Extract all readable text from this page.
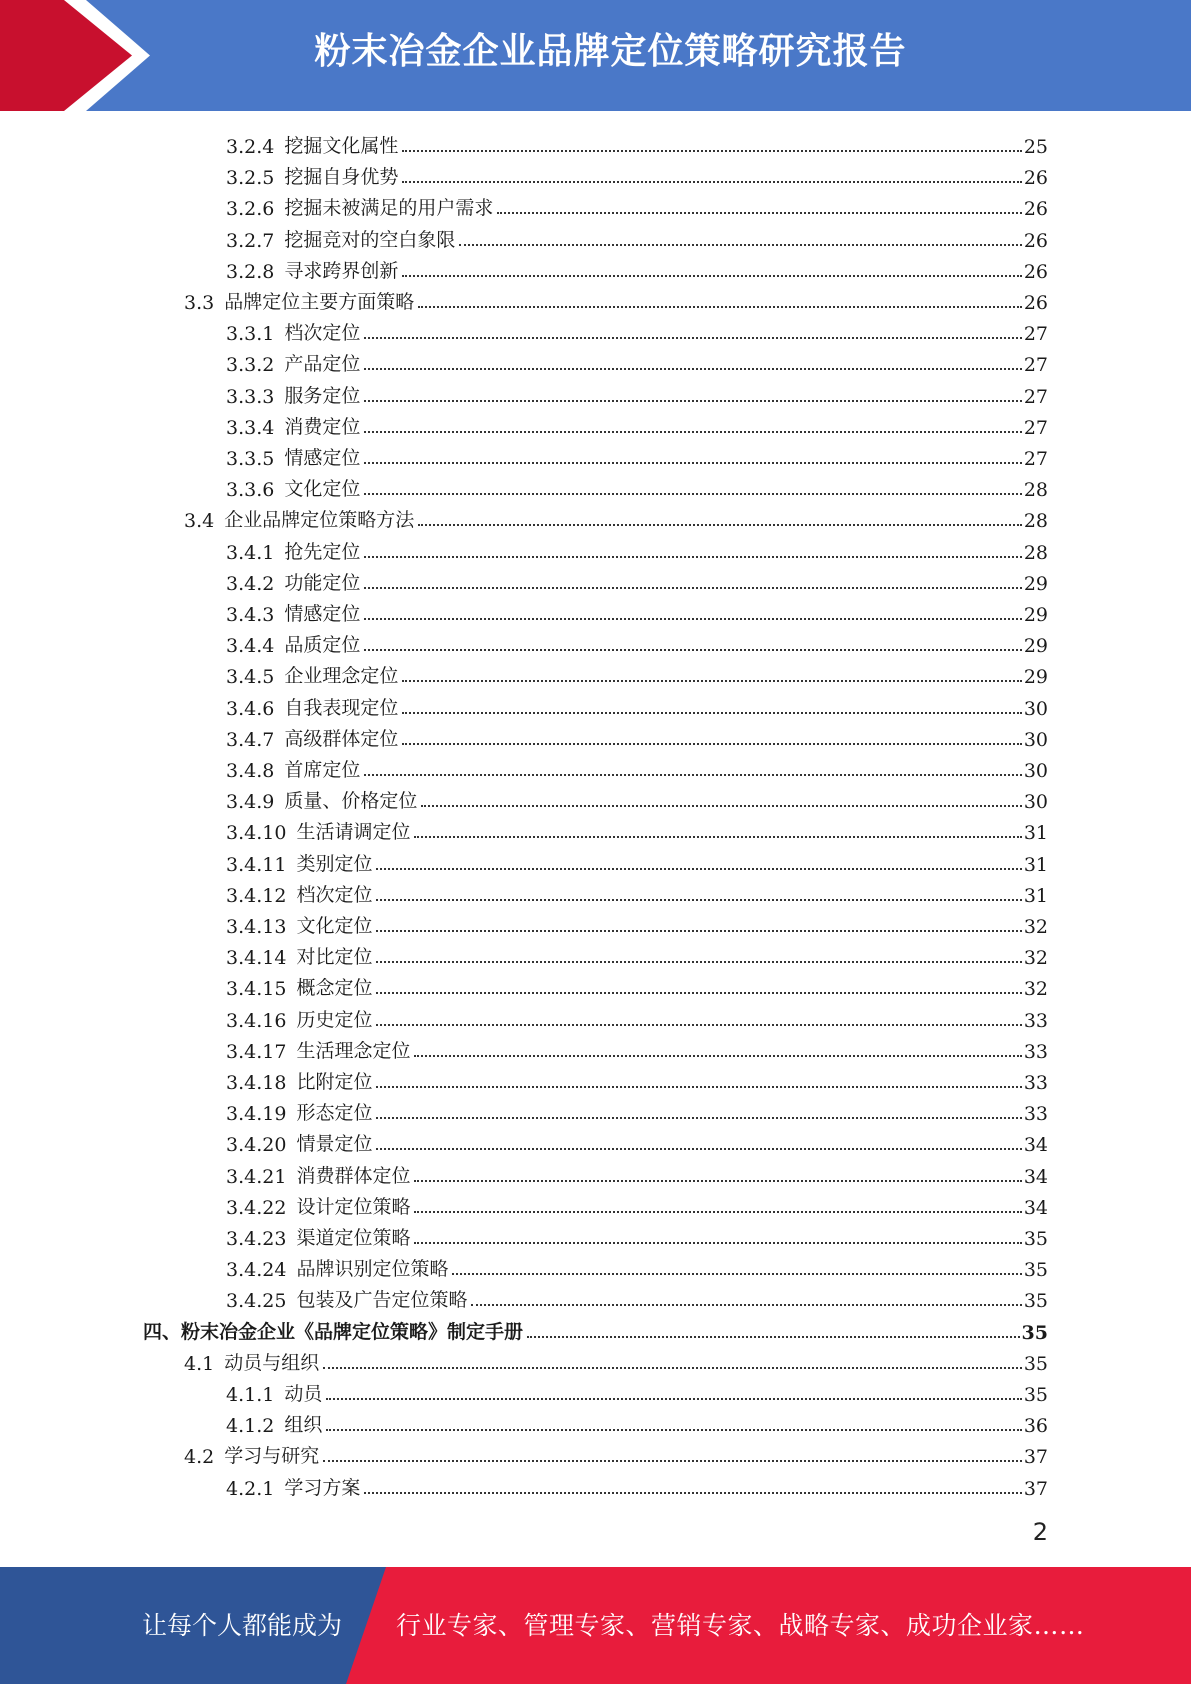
粉末冶金企业品牌定位策略研究报告
3.2.4 挖掘文化属性	25
3.2.5 挖掘自身优势	26
3.2.6 挖掘未被满足的用户需求	26
3.2.7 挖掘竞对的空白象限	26
3.2.8 寻求跨界创新	26
3.3 品牌定位主要方面策略	26
3.3.1 档次定位	27
3.3.2 产品定位	27
3.3.3 服务定位	27
3.3.4 消费定位	27
3.3.5 情感定位	27
3.3.6 文化定位	28
3.4 企业品牌定位策略方法	28
3.4.1 抢先定位	28
3.4.2 功能定位	29
3.4.3 情感定位	29
3.4.4 品质定位	29
3.4.5 企业理念定位	29
3.4.6 自我表现定位	30
3.4.7 高级群体定位	30
3.4.8 首席定位	30
3.4.9 质量、价格定位	30
3.4.10 生活请调定位	31
3.4.11 类别定位	31
3.4.12 档次定位	31
3.4.13 文化定位	32
3.4.14 对比定位	32
3.4.15 概念定位	32
3.4.16 历史定位	33
3.4.17 生活理念定位	33
3.4.18 比附定位	33
3.4.19 形态定位	33
3.4.20 情景定位	34
3.4.21 消费群体定位	34
3.4.22 设计定位策略	34
3.4.23 渠道定位策略	35
3.4.24 品牌识别定位策略	35
3.4.25 包装及广告定位策略	35
四、粉末冶金企业《品牌定位策略》制定手册	35
4.1 动员与组织	35
4.1.1 动员	35
4.1.2 组织	36
4.2 学习与研究	37
4.2.1 学习方案	37
2
让每个人都能成为 行业专家、管理专家、营销专家、战略专家、成功企业家……
